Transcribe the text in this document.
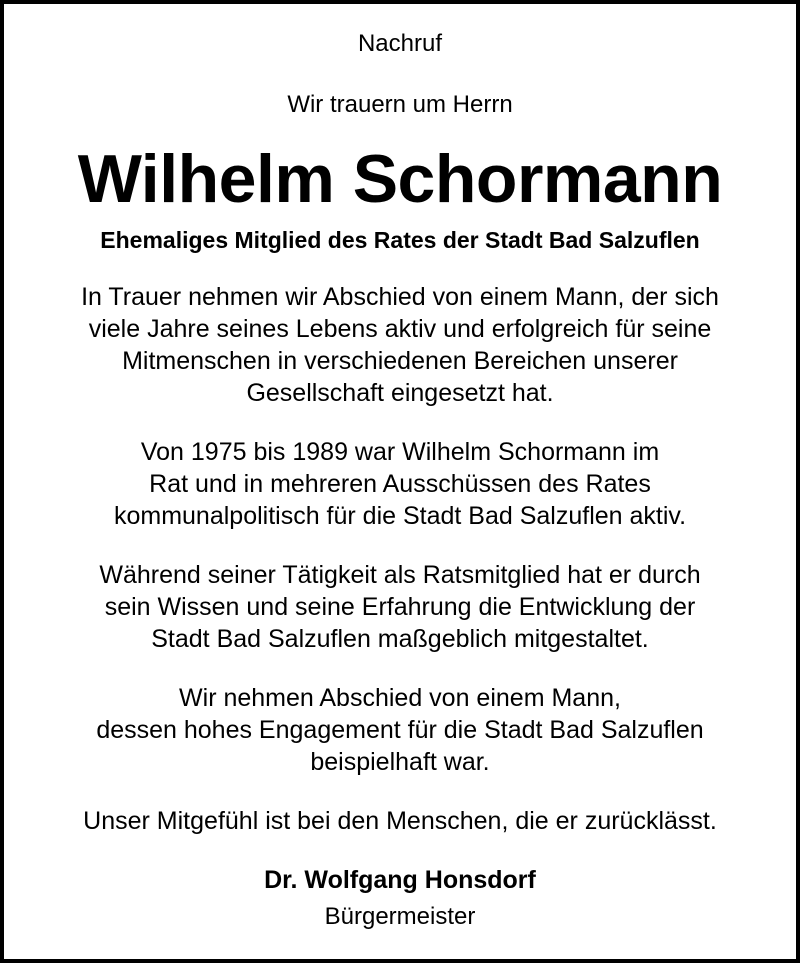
Nachruf
Wir trauern um Herrn
Wilhelm Schormann
Ehemaliges Mitglied des Rates der Stadt Bad Salzuflen
In Trauer nehmen wir Abschied von einem Mann, der sich
viele Jahre seines Lebens aktiv und erfolgreich für seine
Mitmenschen in verschiedenen Bereichen unserer
Gesellschaft eingesetzt hat.
Von 1975 bis 1989 war Wilhelm Schormann im
Rat und in mehreren Ausschüssen des Rates
kommunalpolitisch für die Stadt Bad Salzuflen aktiv.
Während seiner Tätigkeit als Ratsmitglied hat er durch
sein Wissen und seine Erfahrung die Entwicklung der
Stadt Bad Salzuflen maßgeblich mitgestaltet.
Wir nehmen Abschied von einem Mann,
dessen hohes Engagement für die Stadt Bad Salzuflen
beispielhaft war.
Unser Mitgefühl ist bei den Menschen, die er zurücklässt.
Dr. Wolfgang Honsdorf
Bürgermeister
